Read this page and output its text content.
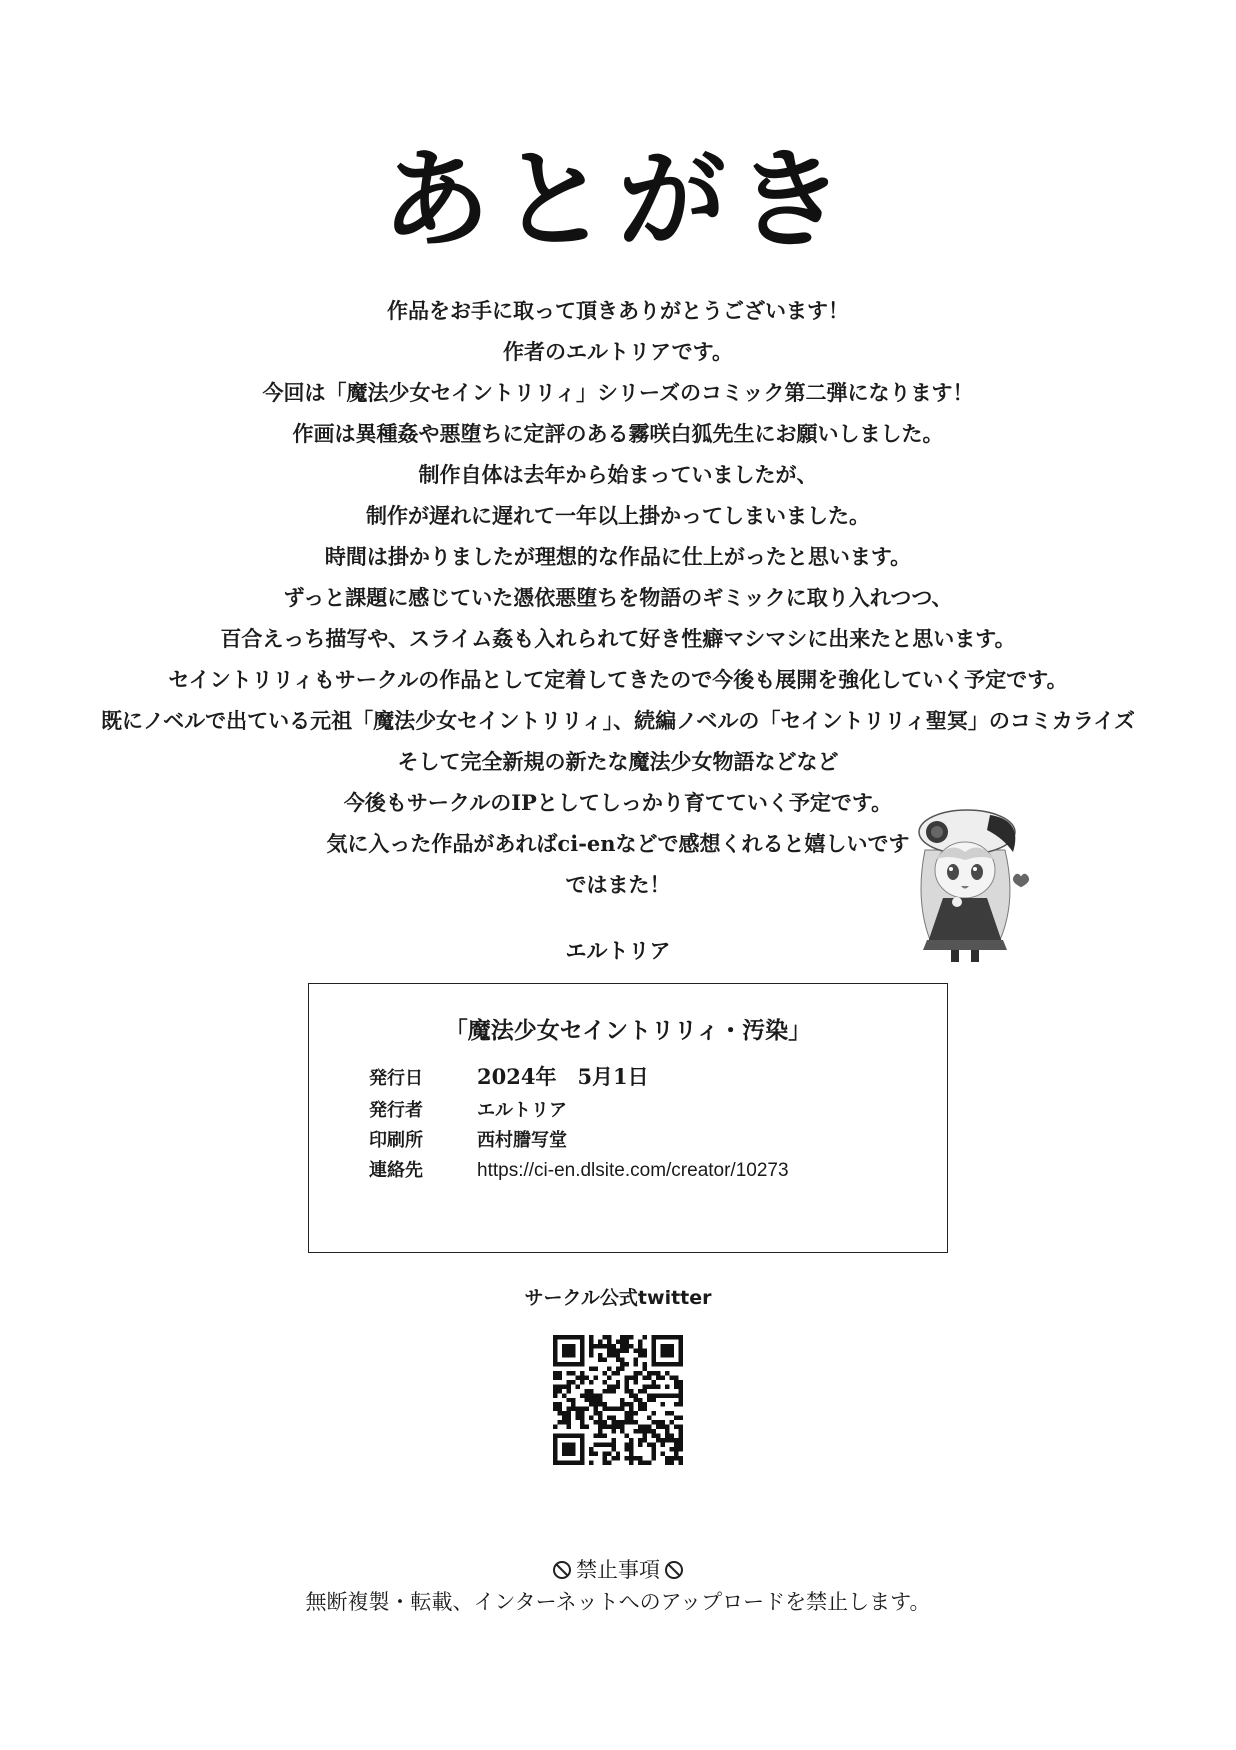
あとがき
作品をお手に取って頂きありがとうございます！
作者のエルトリアです。
今回は「魔法少女セイントリリィ」シリーズのコミック第二弾になります！
作画は異種姦や悪堕ちに定評のある霧咲白狐先生にお願いしました。
制作自体は去年から始まっていましたが、
制作が遅れに遅れて一年以上掛かってしまいました。
時間は掛かりましたが理想的な作品に仕上がったと思います。
ずっと課題に感じていた憑依悪堕ちを物語のギミックに取り入れつつ、
百合えっち描写や、スライム姦も入れられて好き性癖マシマシに出来たと思います。
セイントリリィもサークルの作品として定着してきたので今後も展開を強化していく予定です。
既にノベルで出ている元祖「魔法少女セイントリリィ」、続編ノベルの「セイントリリィ聖冥」のコミカライズ
そして完全新規の新たな魔法少女物語などなど
今後もサークルのIPとしてしっかり育てていく予定です。
気に入った作品があればci-enなどで感想くれると嬉しいです
ではまた！
エルトリア
「魔法少女セイントリリィ・汚染」
発行日	2024年　5月1日
発行者	エルトリア
印刷所	西村謄写堂
連絡先	https://ci-en.dlsite.com/creator/10273
サークル公式twitter
禁止事項
無断複製・転載、インターネットへのアップロードを禁止します。
